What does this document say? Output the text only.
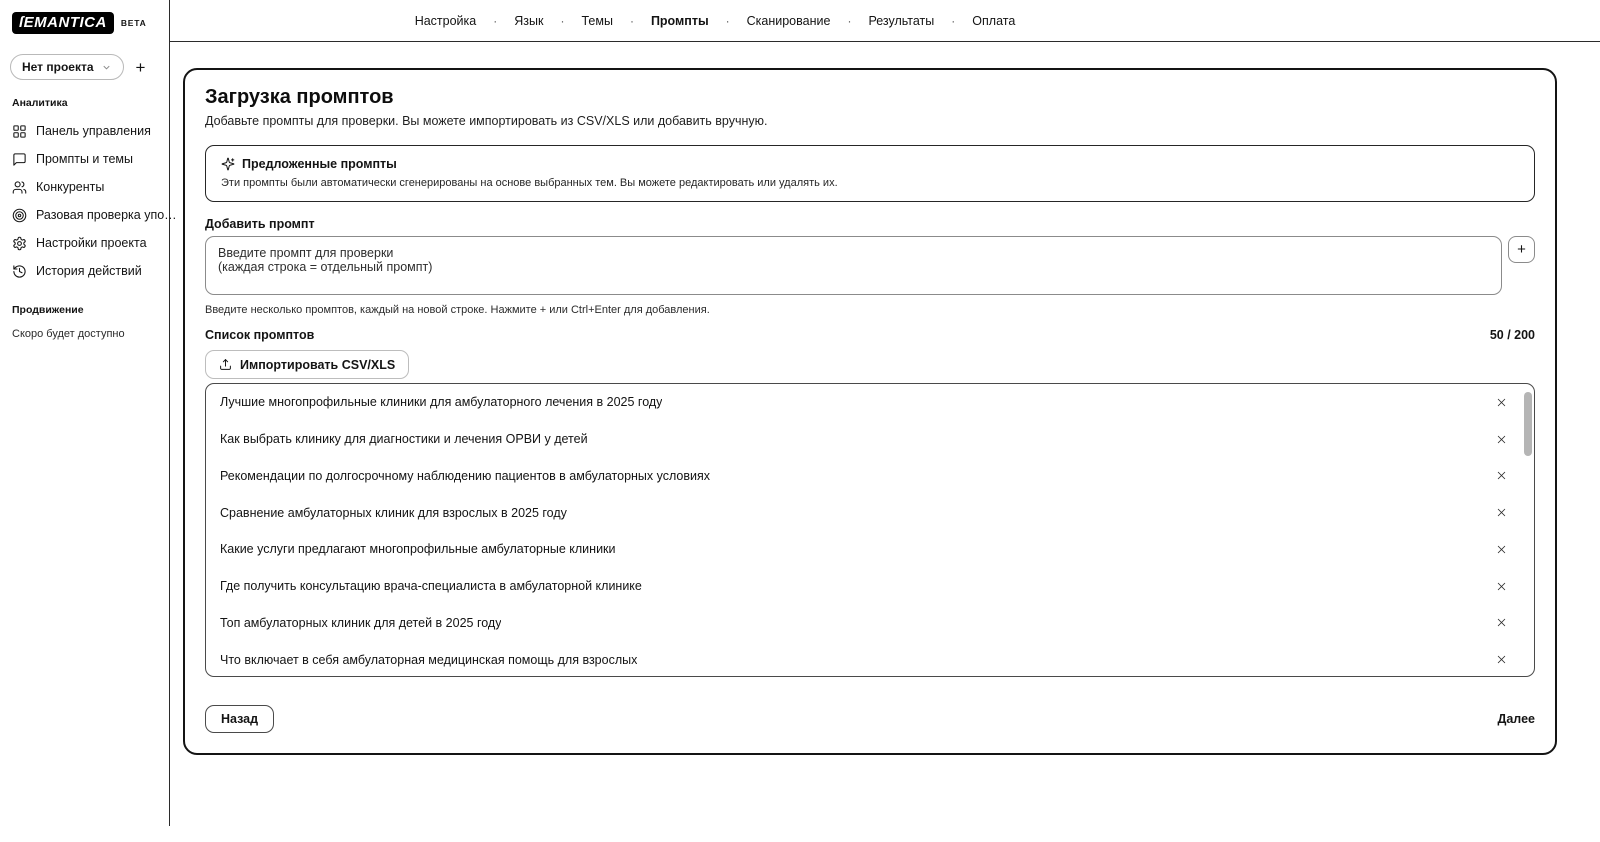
ſEMANTICA	BETA
Нет проекта +
Аналитика
Панель управления
Промпты и темы
Конкуренты
Разовая проверка упо…
Настройки проекта
История действий
Продвижение
Скоро будет доступно
Настройка · Язык · Темы · Промпты · Сканирование · Результаты · Оплата
Загрузка промптов

Добавьте промпты для проверки. Вы можете импортировать из CSV/XLS или добавить вручную.

Предложенные промпты
Эти промпты были автоматически сгенерированы на основе выбранных тем. Вы можете редактировать или удалять их.
Добавить промпт
Введите промпт для проверки (каждая строка = отдельный промпт)
+
Введите несколько промптов, каждый на новой строке. Нажмите + или Ctrl+Enter для добавления.
Список промптов	50 / 200
Импортировать CSV/XLS
Лучшие многопрофильные клиники для амбулаторного лечения в 2025 году
Как выбрать клинику для диагностики и лечения ОРВИ у детей
Рекомендации по долгосрочному наблюдению пациентов в амбулаторных условиях
Сравнение амбулаторных клиник для взрослых в 2025 году
Какие услуги предлагают многопрофильные амбулаторные клиники
Где получить консультацию врача-специалиста в амбулаторной клинике
Топ амбулаторных клиник для детей в 2025 году
Что включает в себя амбулаторная медицинская помощь для взрослых
Назад	Далее
